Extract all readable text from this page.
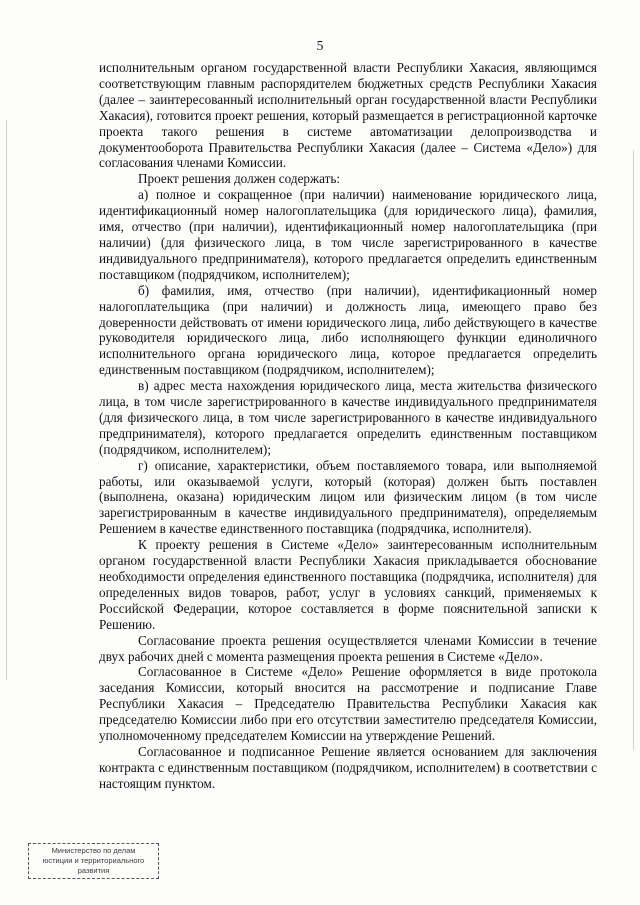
5

исполнительным органом государственной власти Республики Хакасия, являющимся соответствующим главным распорядителем бюджетных средств Республики Хакасия (далее – заинтересованный исполнительный орган государственной власти Республики Хакасия), готовится проект решения, который размещается в регистрационной карточке проекта такого решения в системе автоматизации делопроизводства и документооборота Правительства Республики Хакасия (далее – Система «Дело») для согласования членами Комиссии.

Проект решения должен содержать:

а) полное и сокращенное (при наличии) наименование юридического лица, идентификационный номер налогоплательщика (для юридического лица), фамилия, имя, отчество (при наличии), идентификационный номер налогоплательщика (при наличии) (для физического лица, в том числе зарегистрированного в качестве индивидуального предпринимателя), которого предлагается определить единственным поставщиком (подрядчиком, исполнителем);

б) фамилия, имя, отчество (при наличии), идентификационный номер налогоплательщика (при наличии) и должность лица, имеющего право без доверенности действовать от имени юридического лица, либо действующего в качестве руководителя юридического лица, либо исполняющего функции единоличного исполнительного органа юридического лица, которое предлагается определить единственным поставщиком (подрядчиком, исполнителем);

в) адрес места нахождения юридического лица, места жительства физического лица, в том числе зарегистрированного в качестве индивидуального предпринимателя (для физического лица, в том числе зарегистрированного в качестве индивидуального предпринимателя), которого предлагается определить единственным поставщиком (подрядчиком, исполнителем);

г) описание, характеристики, объем поставляемого товара, или выполняемой работы, или оказываемой услуги, который (которая) должен быть поставлен (выполнена, оказана) юридическим лицом или физическим лицом (в том числе зарегистрированным в качестве индивидуального предпринимателя), определяемым Решением в качестве единственного поставщика (подрядчика, исполнителя).

К проекту решения в Системе «Дело» заинтересованным исполнительным органом государственной власти Республики Хакасия прикладывается обоснование необходимости определения единственного поставщика (подрядчика, исполнителя) для определенных видов товаров, работ, услуг в условиях санкций, применяемых к Российской Федерации, которое составляется в форме пояснительной записки к Решению.

Согласование проекта решения осуществляется членами Комиссии в течение двух рабочих дней с момента размещения проекта решения в Системе «Дело».

Согласованное в Системе «Дело» Решение оформляется в виде протокола заседания Комиссии, который вносится на рассмотрение и подписание Главе Республики Хакасия – Председателю Правительства Республики Хакасия как председателю Комиссии либо при его отсутствии заместителю председателя Комиссии, уполномоченному председателем Комиссии на утверждение Решений.

Согласованное и подписанное Решение является основанием для заключения контракта с единственным поставщиком (подрядчиком, исполнителем) в соответствии с настоящим пунктом.

Министерство по делам
юстиции и территориального
развития
